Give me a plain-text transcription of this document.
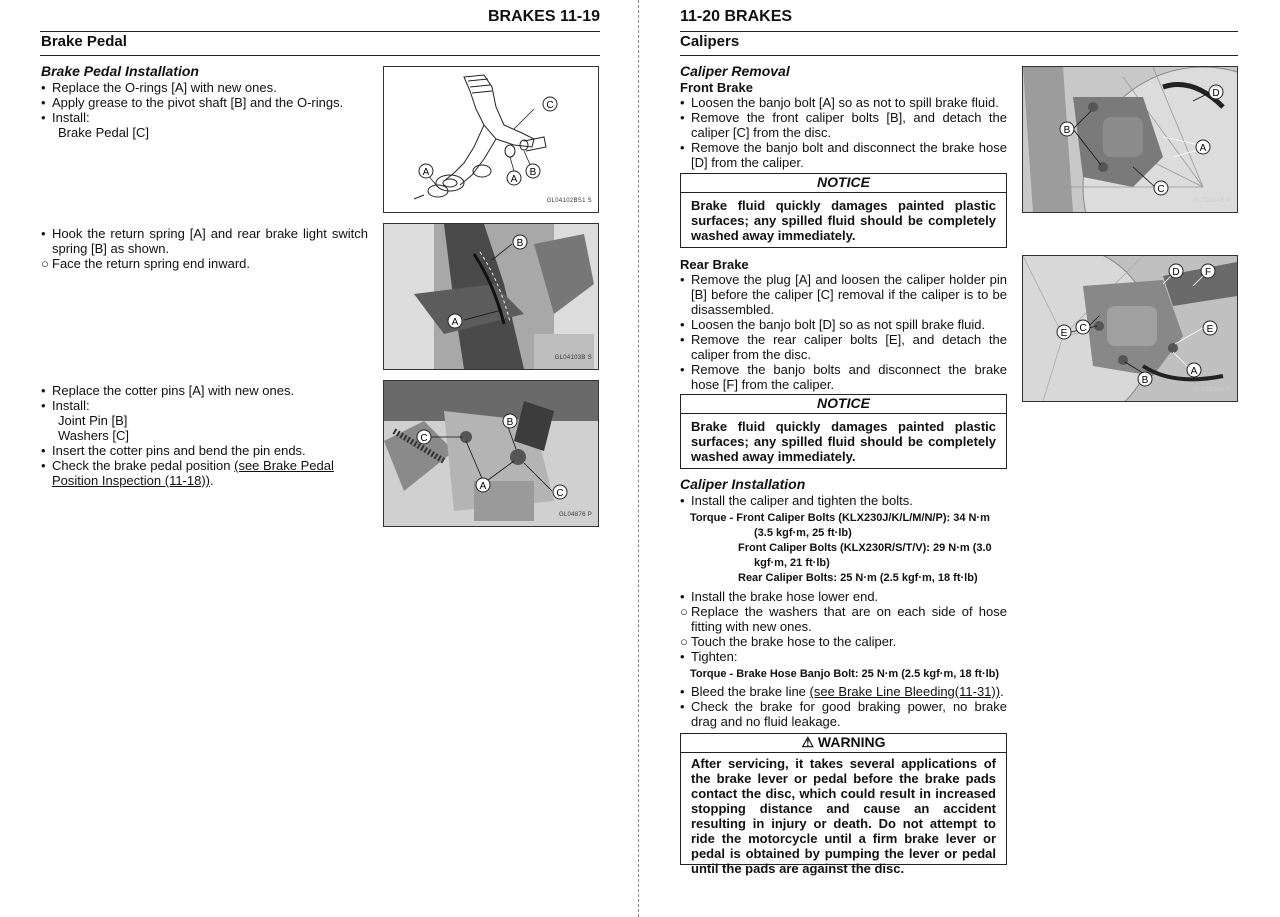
BRAKES 11-19
Brake Pedal
Brake Pedal Installation
• Replace the O-rings [A] with new ones.
• Apply grease to the pivot shaft [B] and the O-rings.
• Install:
Brake Pedal [C]
• Hook the return spring [A] and rear brake light switch spring [B] as shown.
○ Face the return spring end inward.
• Replace the cotter pins [A] with new ones.
• Install:
Joint Pin [B]
Washers [C]
• Insert the cotter pins and bend the pin ends.
• Check the brake pedal position (see Brake Pedal Position Inspection (11-18)).
A
A
B
C
GL04102BS1 S
B
A
GL04103B S
B
C
A
C
GL04876 P
11-20 BRAKES
Calipers
Caliper Removal
Front Brake
• Loosen the banjo bolt [A] so as not to spill brake fluid.
• Remove the front caliper bolts [B], and detach the caliper [C] from the disc.
• Remove the banjo bolt and disconnect the brake hose [D] from the caliper.
NOTICE
Brake fluid quickly damages painted plastic surfaces; any spilled fluid should be completely washed away immediately.
Rear Brake
• Remove the plug [A] and loosen the caliper holder pin [B] before the caliper [C] removal if the caliper is to be disassembled.
• Loosen the banjo bolt [D] so as not spill brake fluid.
• Remove the rear caliper bolts [E], and detach the caliper from the disc.
• Remove the banjo bolts and disconnect the brake hose [F] from the caliper.
NOTICE
Brake fluid quickly damages painted plastic surfaces; any spilled fluid should be completely washed away immediately.
Caliper Installation
• Install the caliper and tighten the bolts.
Torque - Front Caliper Bolts (KLX230J/K/L/M/N/P): 34 N·m
(3.5 kgf·m, 25 ft·lb)
Front Caliper Bolts (KLX230R/S/T/V): 29 N·m (3.0
kgf·m, 21 ft·lb)
Rear Caliper Bolts: 25 N·m (2.5 kgf·m, 18 ft·lb)
• Install the brake hose lower end.
○ Replace the washers that are on each side of hose fitting with new ones.
○ Touch the brake hose to the caliper.
• Tighten:
Torque - Brake Hose Banjo Bolt: 25 N·m (2.5 kgf·m, 18 ft·lb)
• Bleed the brake line (see Brake Line Bleeding(11-31)).
• Check the brake for good braking power, no brake drag and no fluid leakage.
⚠ WARNING
After servicing, it takes several applications of the brake lever or pedal before the brake pads contact the disc, which could result in increased stopping distance and cause an accident resulting in injury or death. Do not attempt to ride the motorcycle until a firm brake lever or pedal is obtained by pumping the lever or pedal until the pads are against the disc.
D
B
A
C
GL7183AE P
D	F
C
E	E
B
A
GL0283BB P
